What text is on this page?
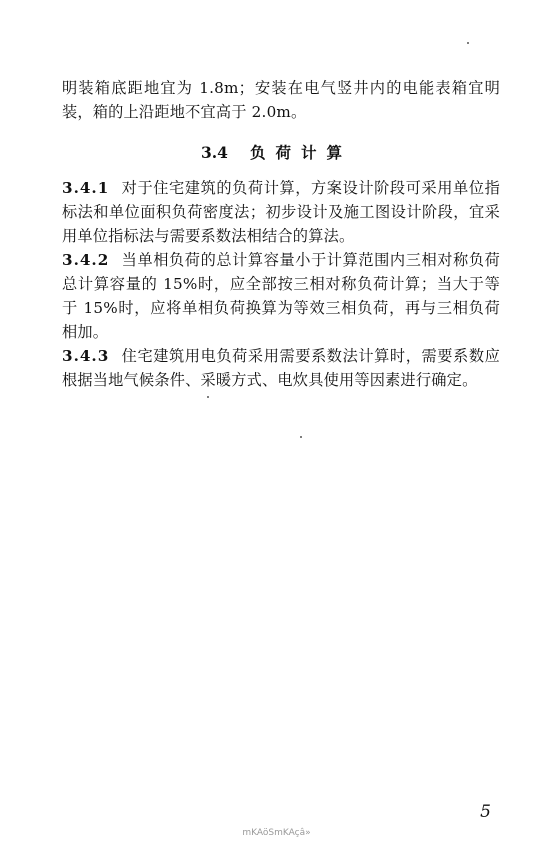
明装箱底距地宜为 1.8m；安装在电气竖井内的电能表箱宜明装，箱的上沿距地不宜高于 2.0m。
3.4 负荷计算
3.4.1 对于住宅建筑的负荷计算，方案设计阶段可采用单位指标法和单位面积负荷密度法；初步设计及施工图设计阶段，宜采用单位指标法与需要系数法相结合的算法。
3.4.2 当单相负荷的总计算容量小于计算范围内三相对称负荷总计算容量的 15%时，应全部按三相对称负荷计算；当大于等于 15%时，应将单相负荷换算为等效三相负荷，再与三相负荷相加。
3.4.3 住宅建筑用电负荷采用需要系数法计算时，需要系数应根据当地气候条件、采暖方式、电炊具使用等因素进行确定。
5
mKAöSmKAçâ»
